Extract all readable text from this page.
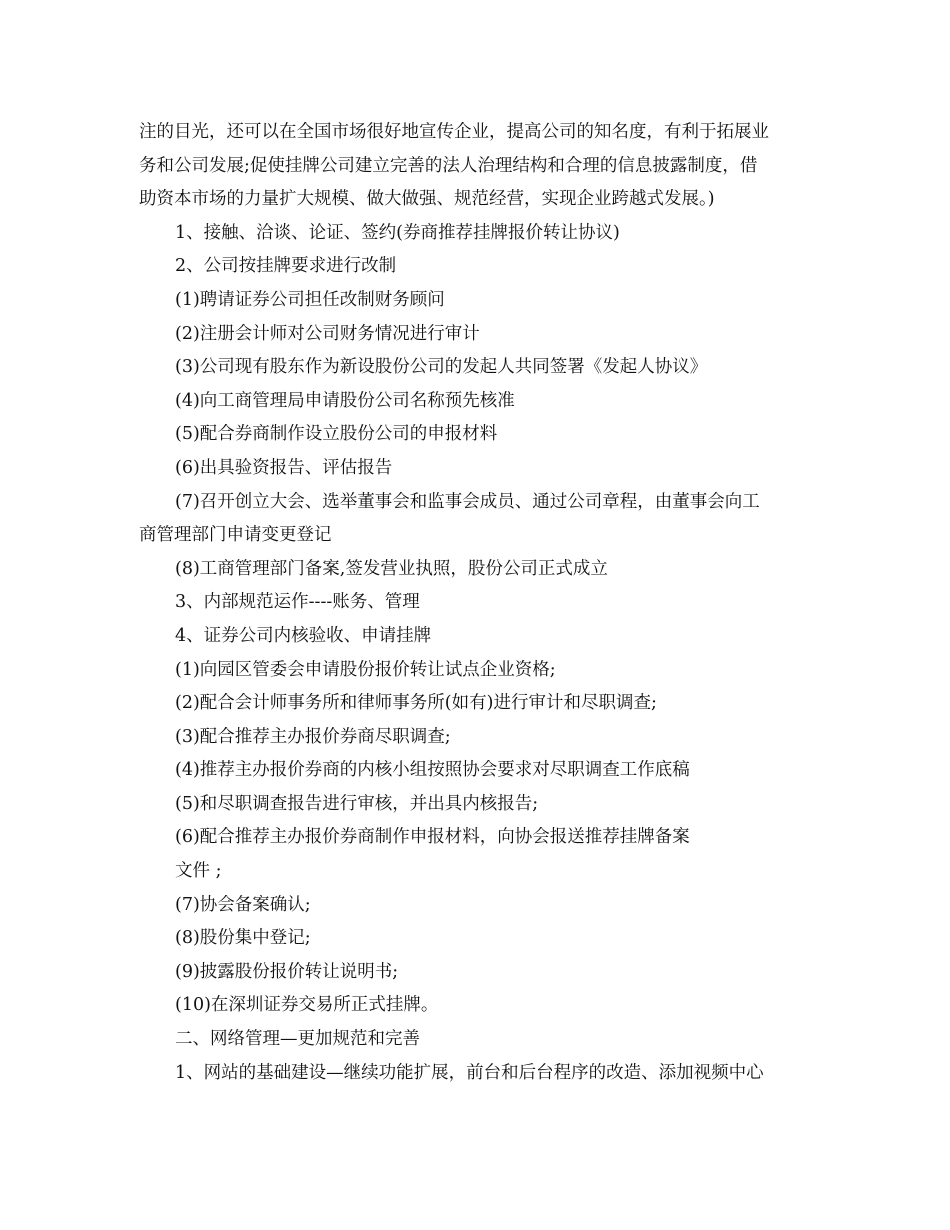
注的目光，还可以在全国市场很好地宣传企业，提高公司的知名度，有利于拓展业
务和公司发展;促使挂牌公司建立完善的法人治理结构和合理的信息披露制度，借
助资本市场的力量扩大规模、做大做强、规范经营，实现企业跨越式发展。)
1、接触、洽谈、论证、签约(券商推荐挂牌报价转让协议)
2、公司按挂牌要求进行改制
(1)聘请证券公司担任改制财务顾问
(2)注册会计师对公司财务情况进行审计
(3)公司现有股东作为新设股份公司的发起人共同签署《发起人协议》
(4)向工商管理局申请股份公司名称预先核准
(5)配合券商制作设立股份公司的申报材料
(6)出具验资报告、评估报告
(7)召开创立大会、选举董事会和监事会成员、通过公司章程，由董事会向工
商管理部门申请变更登记
(8)工商管理部门备案,签发营业执照，股份公司正式成立
3、内部规范运作----账务、管理
4、证券公司内核验收、申请挂牌
(1)向园区管委会申请股份报价转让试点企业资格;
(2)配合会计师事务所和律师事务所(如有)进行审计和尽职调查;
(3)配合推荐主办报价券商尽职调查;
(4)推荐主办报价券商的内核小组按照协会要求对尽职调查工作底稿
(5)和尽职调查报告进行审核，并出具内核报告;
(6)配合推荐主办报价券商制作申报材料，向协会报送推荐挂牌备案
文件 ;
(7)协会备案确认;
(8)股份集中登记;
(9)披露股份报价转让说明书;
(10)在深圳证券交易所正式挂牌。
二、网络管理—更加规范和完善
1、网站的基础建设—继续功能扩展，前台和后台程序的改造、添加视频中心
